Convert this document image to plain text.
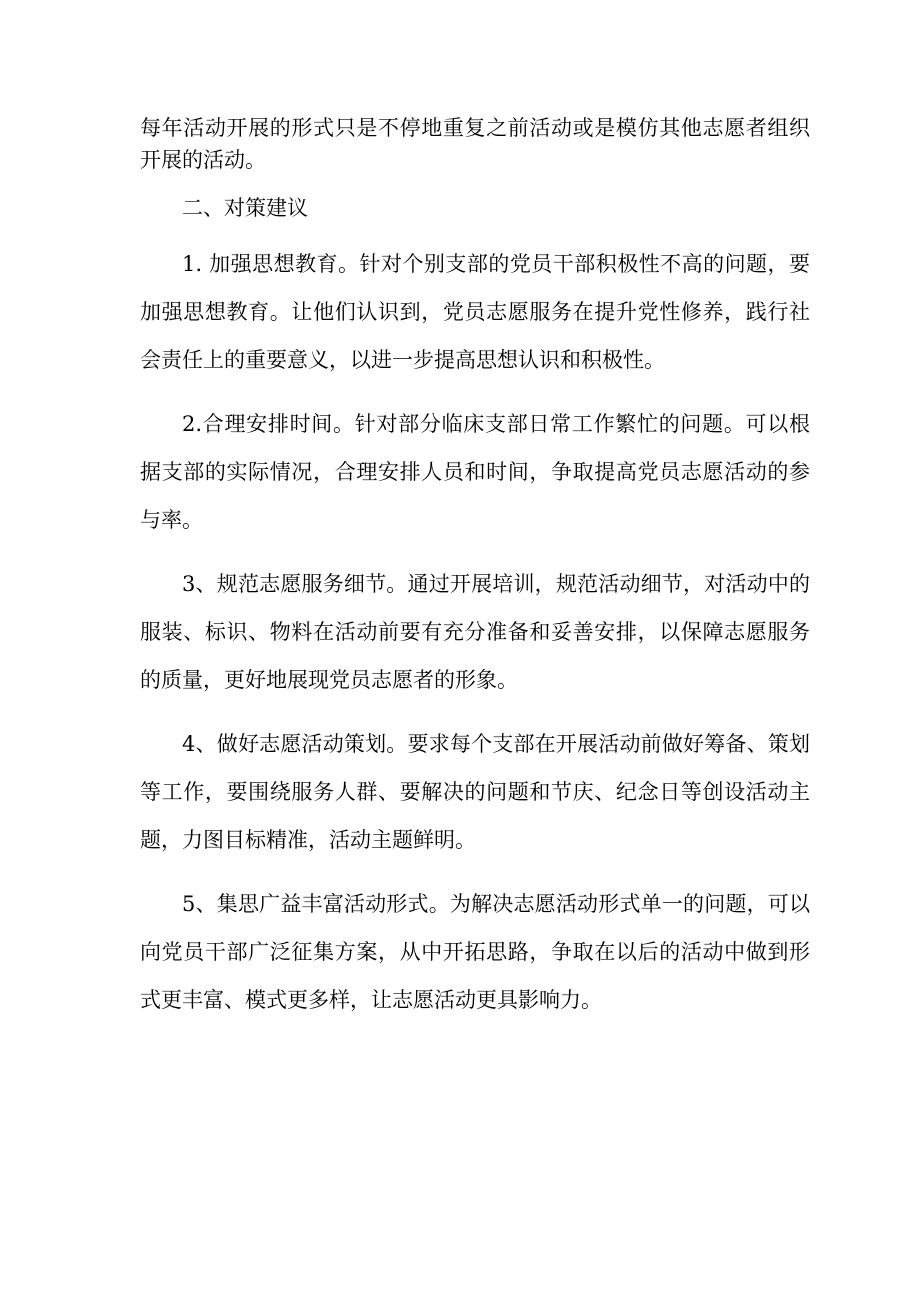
每年活动开展的形式只是不停地重复之前活动或是模仿其他志愿者组织开展的活动。

二、对策建议

1. 加强思想教育。针对个别支部的党员干部积极性不高的问题，要加强思想教育。让他们认识到，党员志愿服务在提升党性修养，践行社会责任上的重要意义，以进一步提高思想认识和积极性。

2.合理安排时间。针对部分临床支部日常工作繁忙的问题。可以根据支部的实际情况，合理安排人员和时间，争取提高党员志愿活动的参与率。

3、规范志愿服务细节。通过开展培训，规范活动细节，对活动中的服装、标识、物料在活动前要有充分准备和妥善安排，以保障志愿服务的质量，更好地展现党员志愿者的形象。

4、做好志愿活动策划。要求每个支部在开展活动前做好筹备、策划等工作，要围绕服务人群、要解决的问题和节庆、纪念日等创设活动主题，力图目标精准，活动主题鲜明。

5、集思广益丰富活动形式。为解决志愿活动形式单一的问题，可以向党员干部广泛征集方案，从中开拓思路，争取在以后的活动中做到形式更丰富、模式更多样，让志愿活动更具影响力。
